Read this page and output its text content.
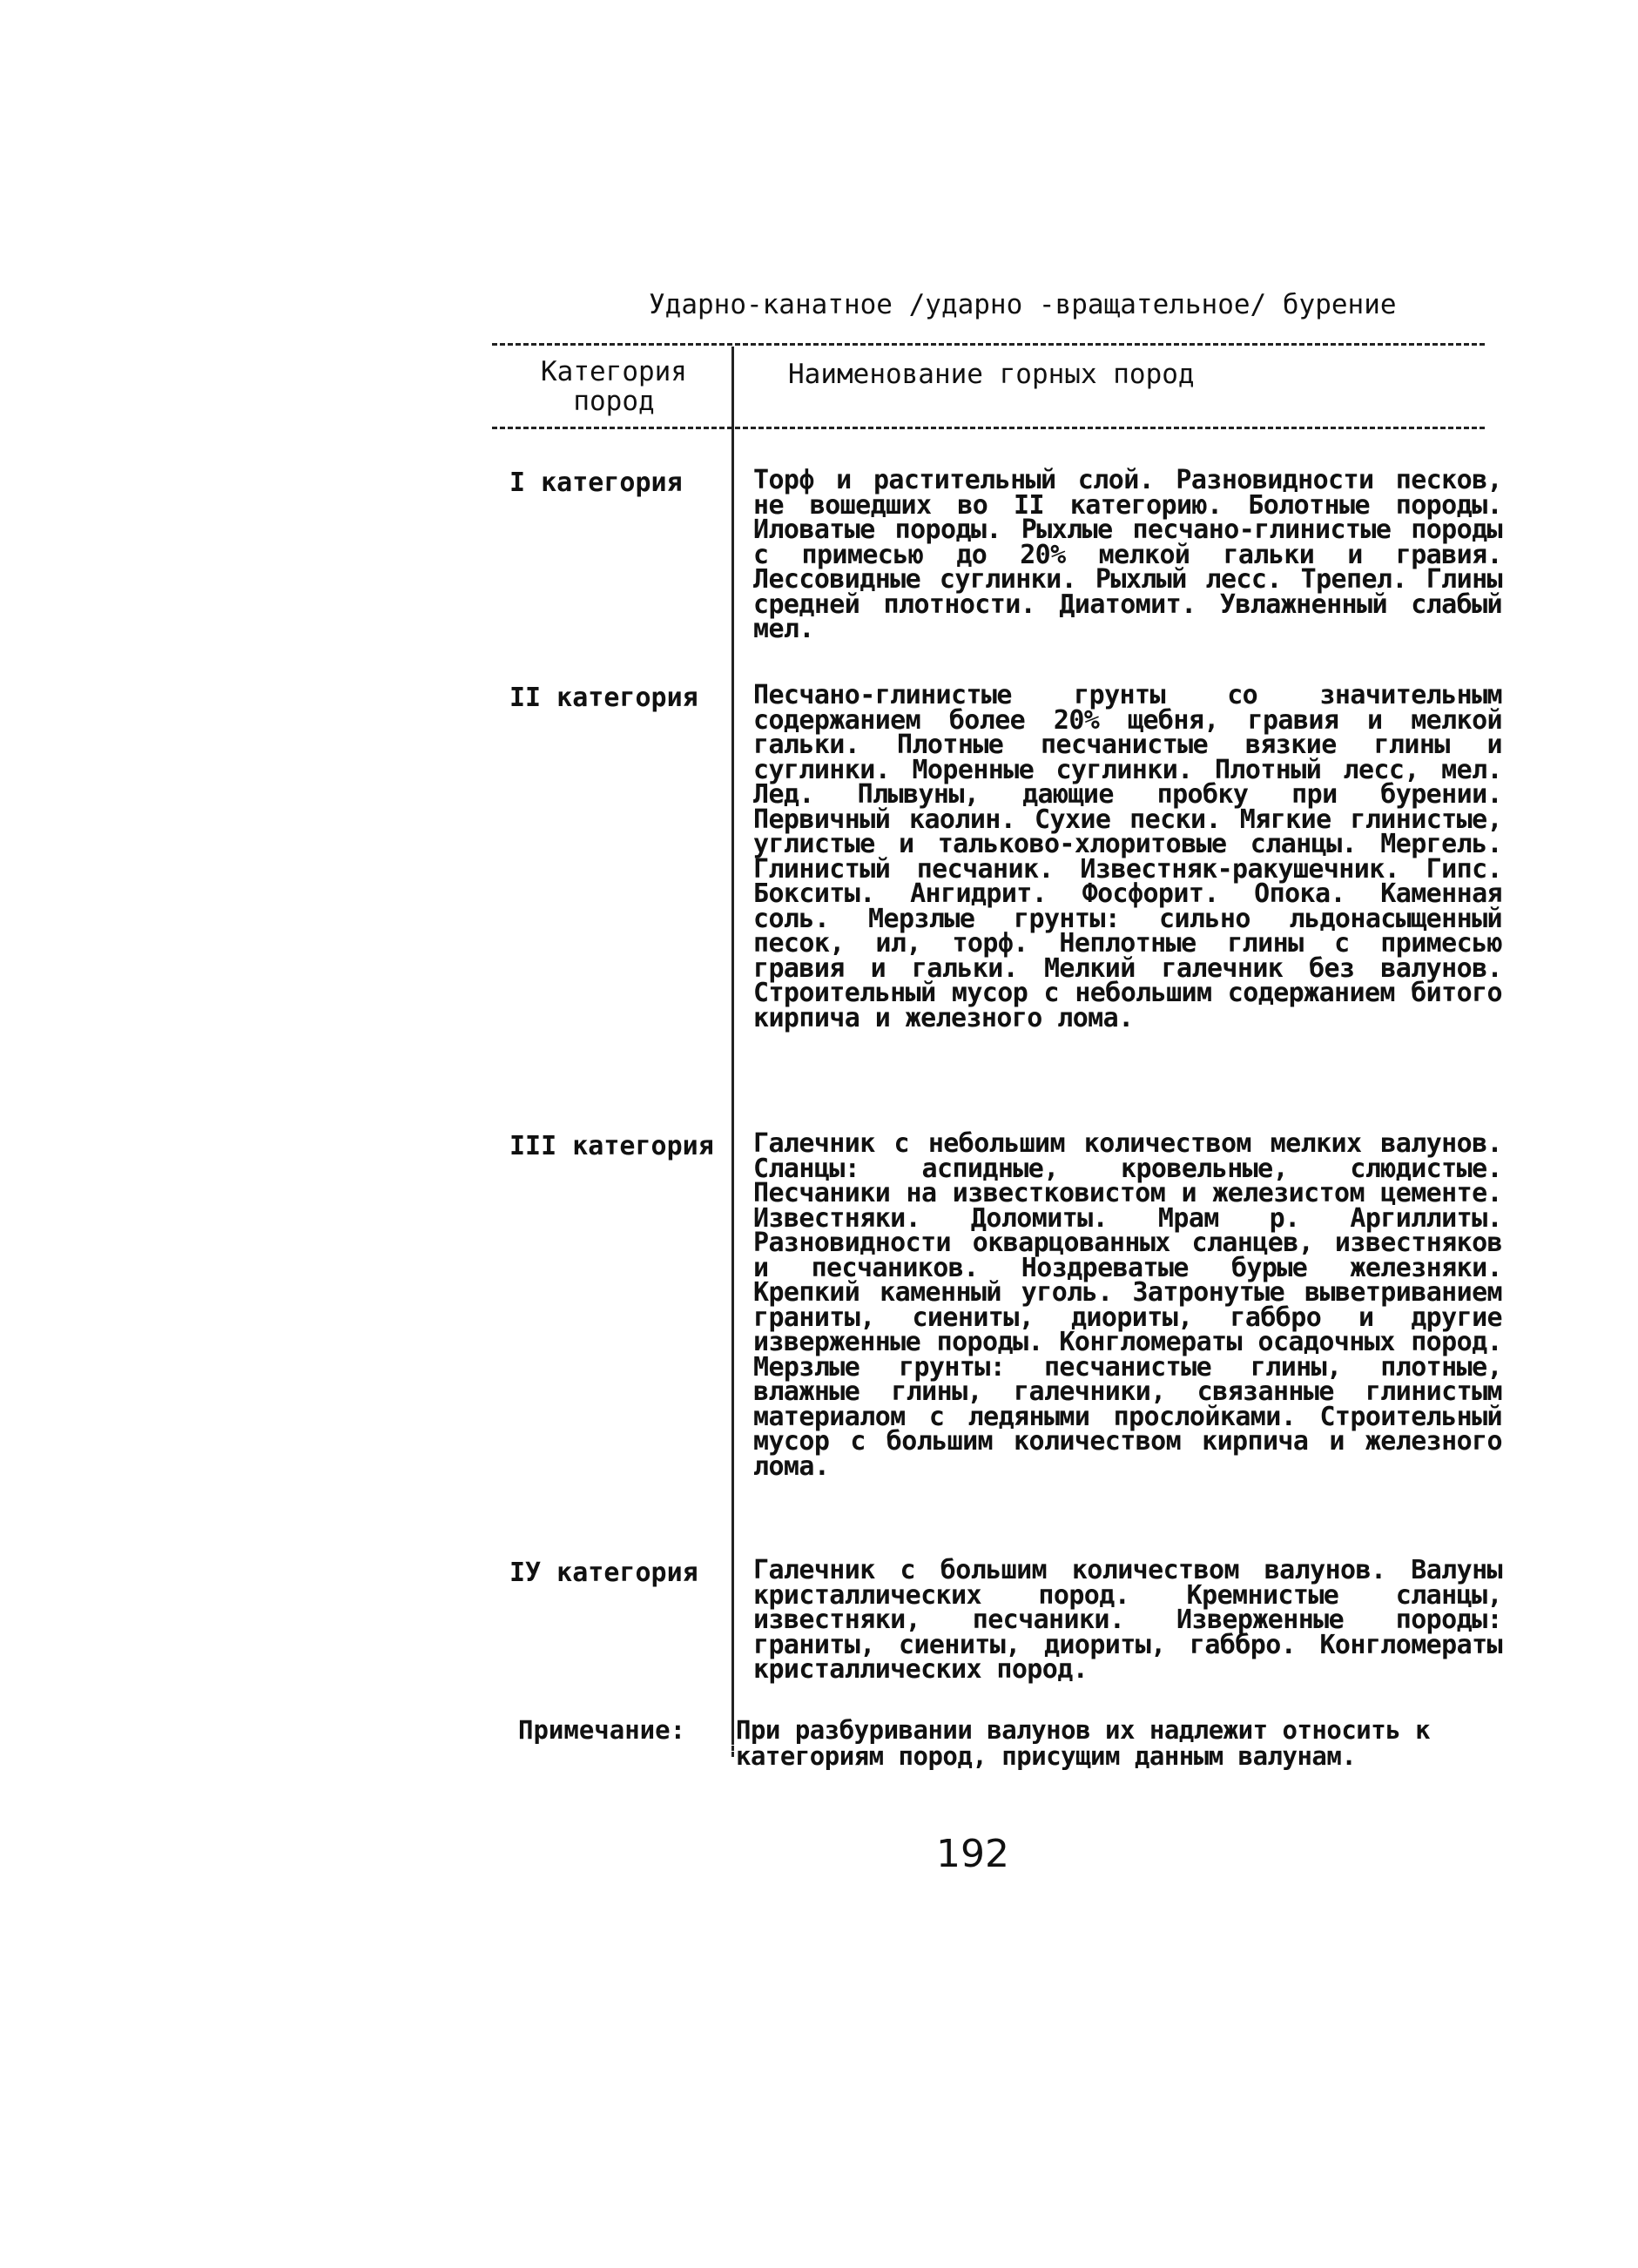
Ударно-канатное /ударно -вращательное/ бурение
Категория
пород
Наименование горных пород
I категория	Торф и растительный слой. Разновидности песков, не вошедших во II категорию. Болотные породы. Иловатые породы. Рыхлые песчано-глинистые породы с примесью до 20% мелкой гальки и гравия. Лессовидные суглинки. Рыхлый лесс. Трепел. Глины средней плотности. Диатомит. Увлажненный слабый мел.
II категория	Песчано-глинистые грунты со значительным содержанием более 20% щебня, гравия и мелкой гальки. Плотные песчанистые вязкие глины и суглинки. Моренные суглинки. Плотный лесс, мел. Лед. Плывуны, дающие пробку при бурении. Первичный каолин. Сухие пески. Мягкие глинистые, углистые и тальково-хлоритовые сланцы. Мергель. Глинистый песчаник. Известняк-ракушечник. Гипс. Бокситы. Ангидрит. Фосфорит. Опока. Каменная соль. Мерзлые грунты: сильно льдонасыщенный песок, ил, торф. Неплотные глины с примесью гравия и гальки. Мелкий галечник без валунов. Строительный мусор с небольшим содержанием битого кирпича и железного лома.
III категория	Галечник с небольшим количеством мелких валунов. Сланцы: аспидные, кровельные, слюдистые. Песчаники на известковистом и железистом цементе. Известняки. Доломиты. Мрам р. Аргиллиты. Разновидности окварцованных сланцев, известняков и песчаников. Ноздреватые бурые железняки. Крепкий каменный уголь. Затронутые выветриванием граниты, сиениты, диориты, габбро и другие изверженные породы. Конгломераты осадочных пород. Мерзлые грунты: песчанистые глины, плотные, влажные глины, галечники, связанные глинистым материалом с ледяными прослойками. Строительный мусор с большим количеством кирпича и железного лома.
IУ категория	Галечник с большим количеством валунов. Валуны кристаллических пород. Кремнистые сланцы, известняки, песчаники. Изверженные породы: граниты, сиениты, диориты, габбро. Конгломераты кристаллических пород.
Примечание: При разбуривании валунов их надлежит относить к категориям пород, присущим данным валунам.
192
